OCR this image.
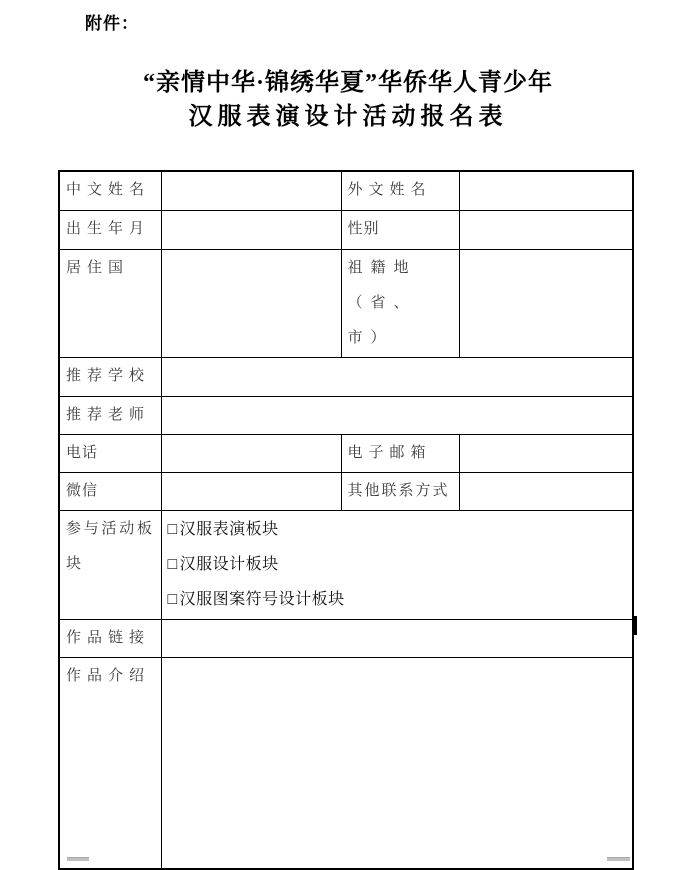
附件：
“亲情中华·锦绣华夏”华侨华人青少年
汉服表演设计活动报名表
中文姓名		外文姓名	
出生年月		性别	
居住国		祖籍地
（省、市）	

推荐学校			
推荐老师			
电话		电子邮箱	
微信		其他联系方式	

参与活动板块	□ 汉服表演板块
□ 汉服设计板块
□ 汉服图案符号设计板块		

作品链接			
作品介绍			
